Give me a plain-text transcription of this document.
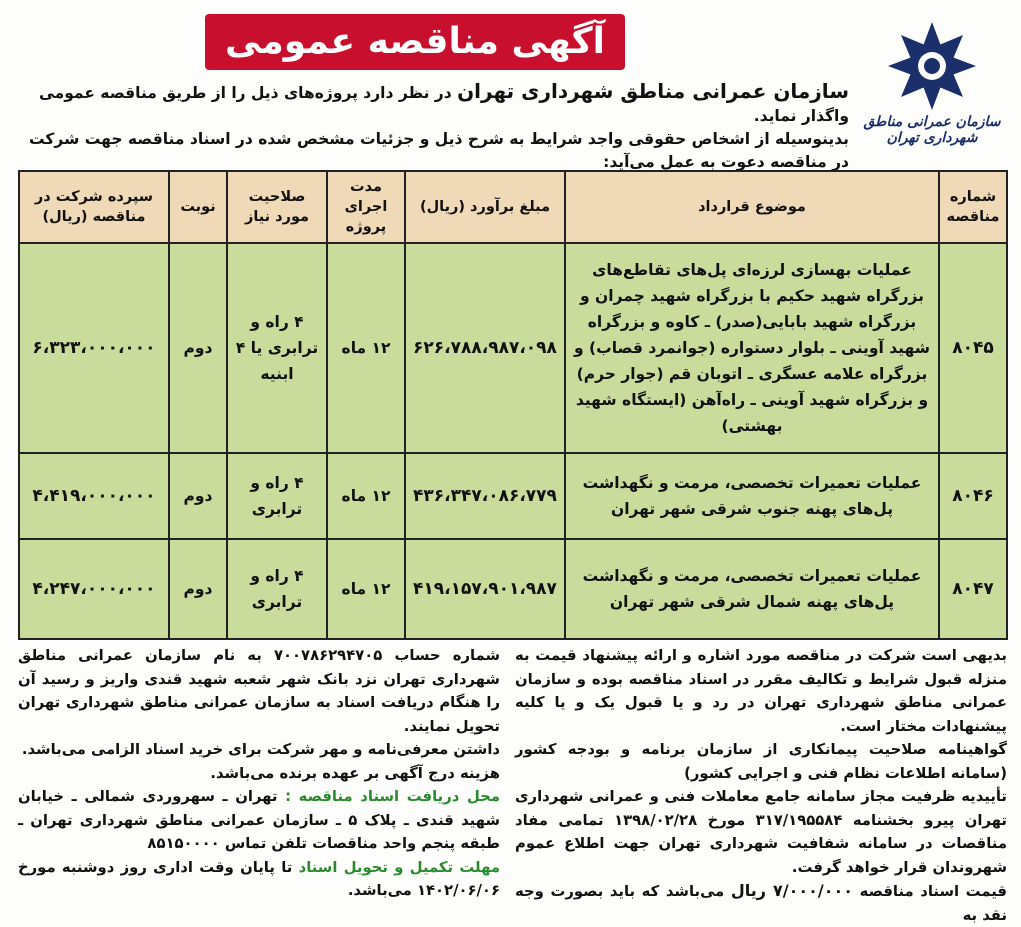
سازمان عمرانی مناطق شهرداری تهران
آگهی مناقصه عمومی
سازمان عمرانی مناطق شهرداری تهران در نظر دارد پروژه‌های ذیل را از طریق مناقصه عمومی واگذار نماید.
بدینوسیله از اشخاص حقوقی واجد شرایط به شرح ذیل و جزئیات مشخص شده در اسناد مناقصه جهت شرکت در مناقصه دعوت به عمل می‌آید:
شماره مناقصه	موضوع قرارداد	مبلغ برآورد (ریال)	مدت اجرای پروژه	صلاحیت مورد نیاز	نوبت	سپرده شرکت در مناقصه (ریال)
۸۰۴۵	عملیات بهسازی لرزه‌ای پل‌های تقاطع‌های بزرگراه شهید حکیم با بزرگراه شهید چمران و بزرگراه شهید بابایی(صدر) ـ کاوه و بزرگراه شهید آوینی ـ بلوار دستواره (جوانمرد قصاب) و بزرگراه علامه عسگری ـ اتوبان قم (جوار حرم) و بزرگراه شهید آوینی ـ راه‌آهن (ایستگاه شهید بهشتی)	۶۲۶،۷۸۸،۹۸۷،۰۹۸	۱۲ ماه	۴ راه و ترابری یا ۴ ابنیه	دوم	۶،۳۲۳،۰۰۰،۰۰۰
۸۰۴۶	عملیات تعمیرات تخصصی، مرمت و نگهداشت پل‌های پهنه جنوب شرقی شهر تهران	۴۳۶،۳۴۷،۰۸۶،۷۷۹	۱۲ ماه	۴ راه و ترابری	دوم	۴،۴۱۹،۰۰۰،۰۰۰
۸۰۴۷	عملیات تعمیرات تخصصی، مرمت و نگهداشت پل‌های پهنه شمال شرقی شهر تهران	۴۱۹،۱۵۷،۹۰۱،۹۸۷	۱۲ ماه	۴ راه و ترابری	دوم	۴،۲۴۷،۰۰۰،۰۰۰

بدیهی است شرکت در مناقصه مورد اشاره و ارائه پیشنهاد قیمت به منزله قبول شرایط و تکالیف مقرر در اسناد مناقصه بوده و سازمان عمرانی مناطق شهرداری تهران در رد و یا قبول یک و یا کلیه پیشنهادات مختار است.

گواهینامه صلاحیت پیمانکاری از سازمان برنامه و بودجه کشور (سامانه اطلاعات نظام فنی و اجرایی کشور)

تأییدیه ظرفیت مجاز سامانه جامع معاملات فنی و عمرانی شهرداری تهران پیرو بخشنامه ۳۱۷/۱۹۵۵۸۴ مورخ ۱۳۹۸/۰۲/۲۸ تمامی مفاد مناقصات در سامانه شفافیت شهرداری تهران جهت اطلاع عموم شهروندان قرار خواهد گرفت.

قیمت اسناد مناقصه ۷/۰۰۰/۰۰۰ ریال می‌باشد که باید بصورت وجه نقد به

شماره حساب ۷۰۰۷۸۶۲۹۴۷۰۵ به نام سازمان عمرانی مناطق شهرداری تهران نزد بانک شهر شعبه شهید قندی واریز و رسید آن را هنگام دریافت اسناد به سازمان عمرانی مناطق شهرداری تهران تحویل نمایند.

داشتن معرفی‌نامه و مهر شرکت برای خرید اسناد الزامی می‌باشد.

هزینه درج آگهی بر عهده برنده می‌باشد.

محل دریافت اسناد مناقصه : تهران ـ سهروردی شمالی ـ خیابان شهید قندی ـ پلاک ۵ ـ سازمان عمرانی مناطق شهرداری تهران ـ طبقه پنجم واحد مناقصات تلفن تماس ۸۵۱۵۰۰۰۰

مهلت تکمیل و تحویل اسناد تا پایان وقت اداری روز دوشنبه مورخ ۱۴۰۲/۰۶/۰۶ می‌باشد.
